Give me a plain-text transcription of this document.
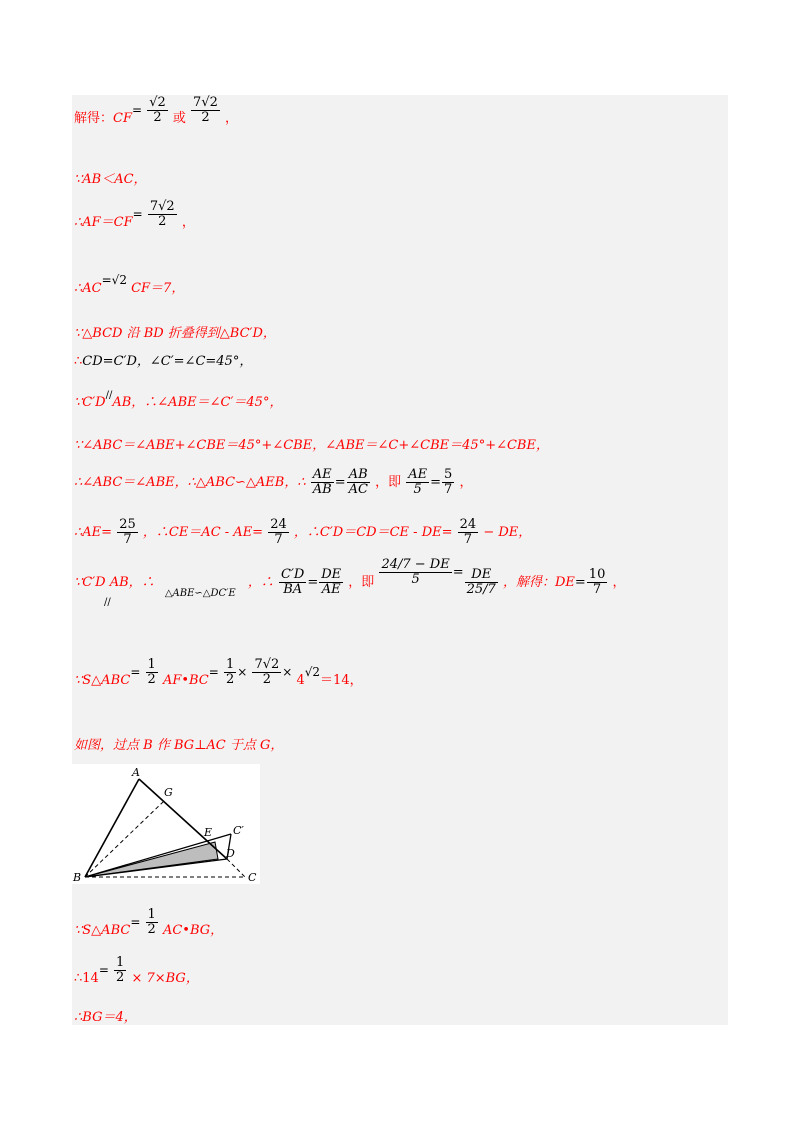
解得：$CF= \frac{√2}{2}$ 或 $\frac{7√2}{2}$ ，
∵AB＜AC，
∴AF＝CF= $\frac{7√2}{2}$ ，
∴AC=√2 CF＝7，
∵△BCD 沿 BD 折叠得到△BC′D，
∴CD=C′D，∠C′=∠C=45°，
∵C′D//AB，∴∠ABE＝∠C′＝45°，
∵∠ABC＝∠ABE+∠CBE＝45°+∠CBE，∠ABE＝∠C+∠CBE＝45°+∠CBE，
∴∠ABC＝∠ABE，∴△ABC∽△AEB，∴ $\frac{AE}{AB} = \frac{AB}{AC}$ ，即 $\frac{AE}{5} = \frac{5}{7}$ ，
∴AE= $\frac{25}{7}$ ，∴CE＝AC - $AE= \frac{24}{7}$ ，∴C′D＝CD＝CE - $DE= \frac{24}{7}$ − DE，
∵C′D
//
AB，∴ $_{\triangle ABE∽\triangle DC'E}$ ，∴ $\frac{C'D}{BA} = \frac{DE}{AE}$ ，即 $\frac{24/7 - DE}{5} = \frac{DE}{25/7}$ ，解得：$DE= \frac{10}{7}$ ，
∵S△ABC= $\frac{1}{2}$ AF•BC= $\frac{1}{2} \times \frac{7√2}{2} \times 4√2=14$，
如图，过点 B 作 BG⊥AC 于点 G，
A
G
E C′
D
B	C
∵S△ABC= $\frac{1}{2}$ AC•BG，
∴14= $\frac{1}{2} \times 7\times BG$，
∴BG＝4，
